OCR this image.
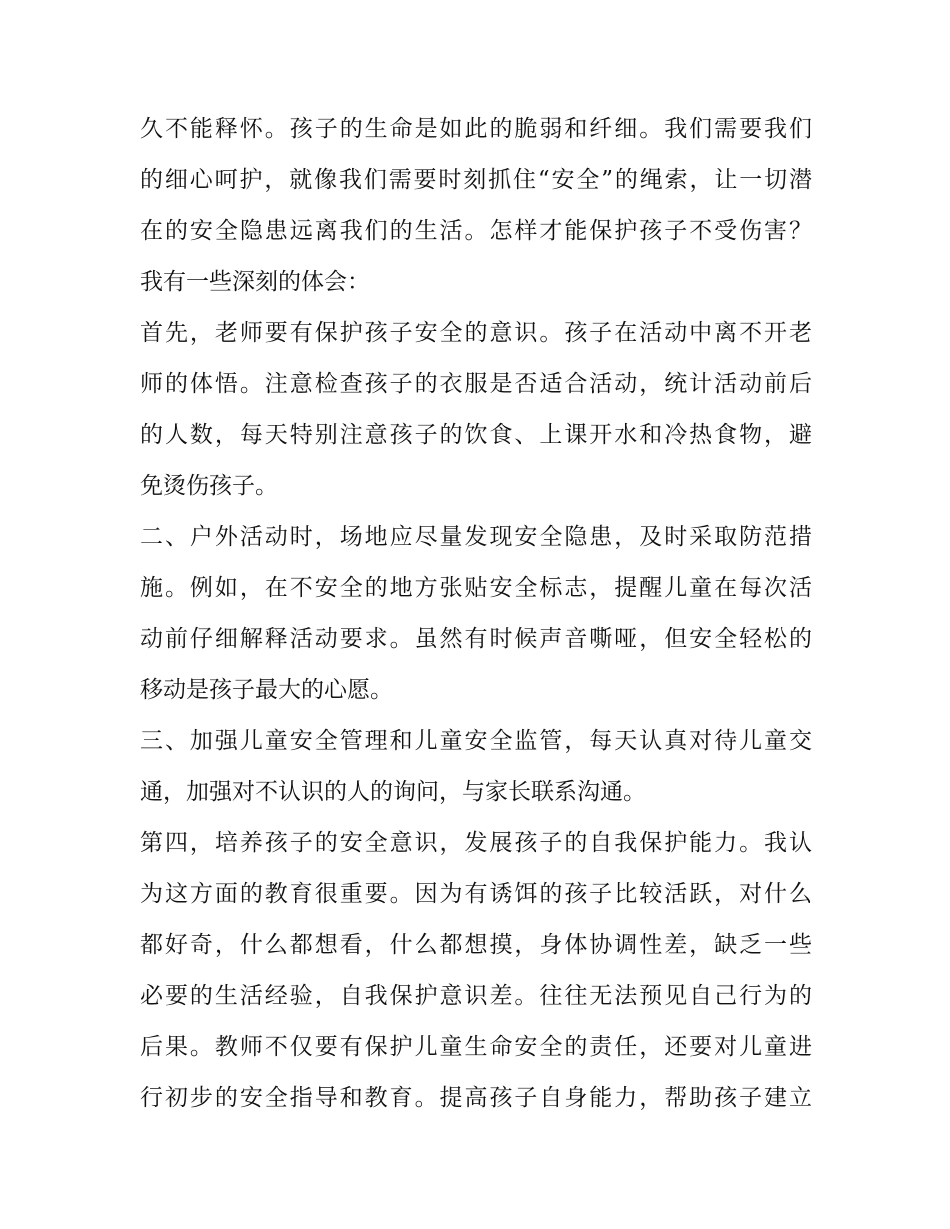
久不能释怀。孩子的生命是如此的脆弱和纤细。我们需要我们
的细心呵护，就像我们需要时刻抓住“安全”的绳索，让一切潜
在的安全隐患远离我们的生活。怎样才能保护孩子不受伤害？
我有一些深刻的体会：
首先，老师要有保护孩子安全的意识。孩子在活动中离不开老
师的体悟。注意检查孩子的衣服是否适合活动，统计活动前后
的人数，每天特别注意孩子的饮食、上课开水和冷热食物，避
免烫伤孩子。
二、户外活动时，场地应尽量发现安全隐患，及时采取防范措
施。例如，在不安全的地方张贴安全标志，提醒儿童在每次活
动前仔细解释活动要求。虽然有时候声音嘶哑，但安全轻松的
移动是孩子最大的心愿。
三、加强儿童安全管理和儿童安全监管，每天认真对待儿童交
通，加强对不认识的人的询问，与家长联系沟通。
第四，培养孩子的安全意识，发展孩子的自我保护能力。我认
为这方面的教育很重要。因为有诱饵的孩子比较活跃，对什么
都好奇，什么都想看，什么都想摸，身体协调性差，缺乏一些
必要的生活经验，自我保护意识差。往往无法预见自己行为的
后果。教师不仅要有保护儿童生命安全的责任，还要对儿童进
行初步的安全指导和教育。提高孩子自身能力，帮助孩子建立
